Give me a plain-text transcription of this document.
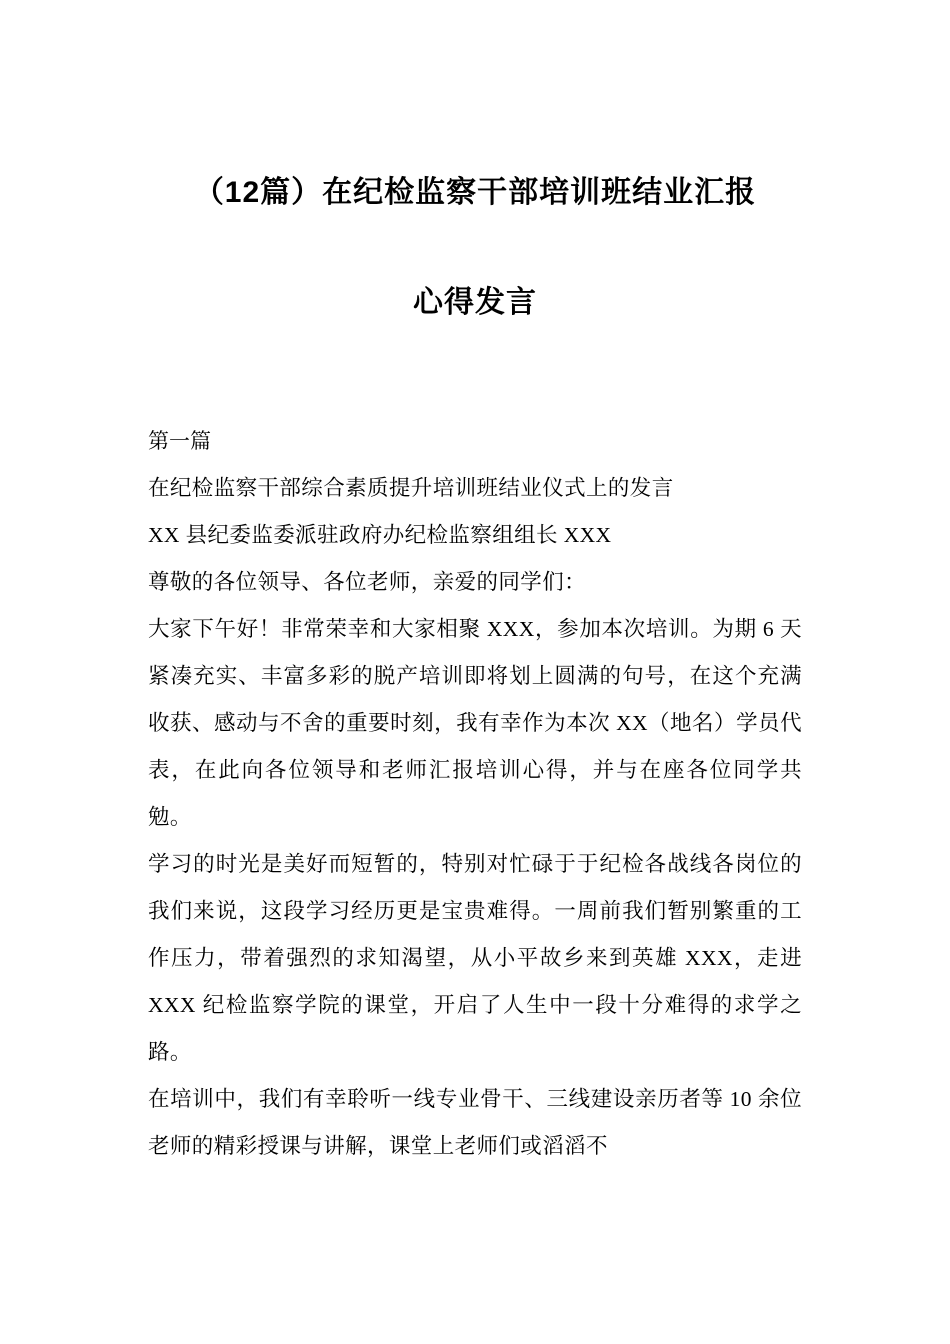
（12篇）在纪检监察干部培训班结业汇报
心得发言

第一篇

在纪检监察干部综合素质提升培训班结业仪式上的发言

XX 县纪委监委派驻政府办纪检监察组组长 XXX

尊敬的各位领导、各位老师，亲爱的同学们：

大家下午好！非常荣幸和大家相聚 XXX，参加本次培训。为期 6 天紧凑充实、丰富多彩的脱产培训即将划上圆满的句号，在这个充满收获、感动与不舍的重要时刻，我有幸作为本次 XX（地名）学员代表，在此向各位领导和老师汇报培训心得，并与在座各位同学共勉。

学习的时光是美好而短暂的，特别对忙碌于于纪检各战线各岗位的我们来说，这段学习经历更是宝贵难得。一周前我们暂别繁重的工作压力，带着强烈的求知渴望，从小平故乡来到英雄 XXX，走进 XXX 纪检监察学院的课堂，开启了人生中一段十分难得的求学之路。

在培训中，我们有幸聆听一线专业骨干、三线建设亲历者等 10 余位老师的精彩授课与讲解，课堂上老师们或滔滔不
